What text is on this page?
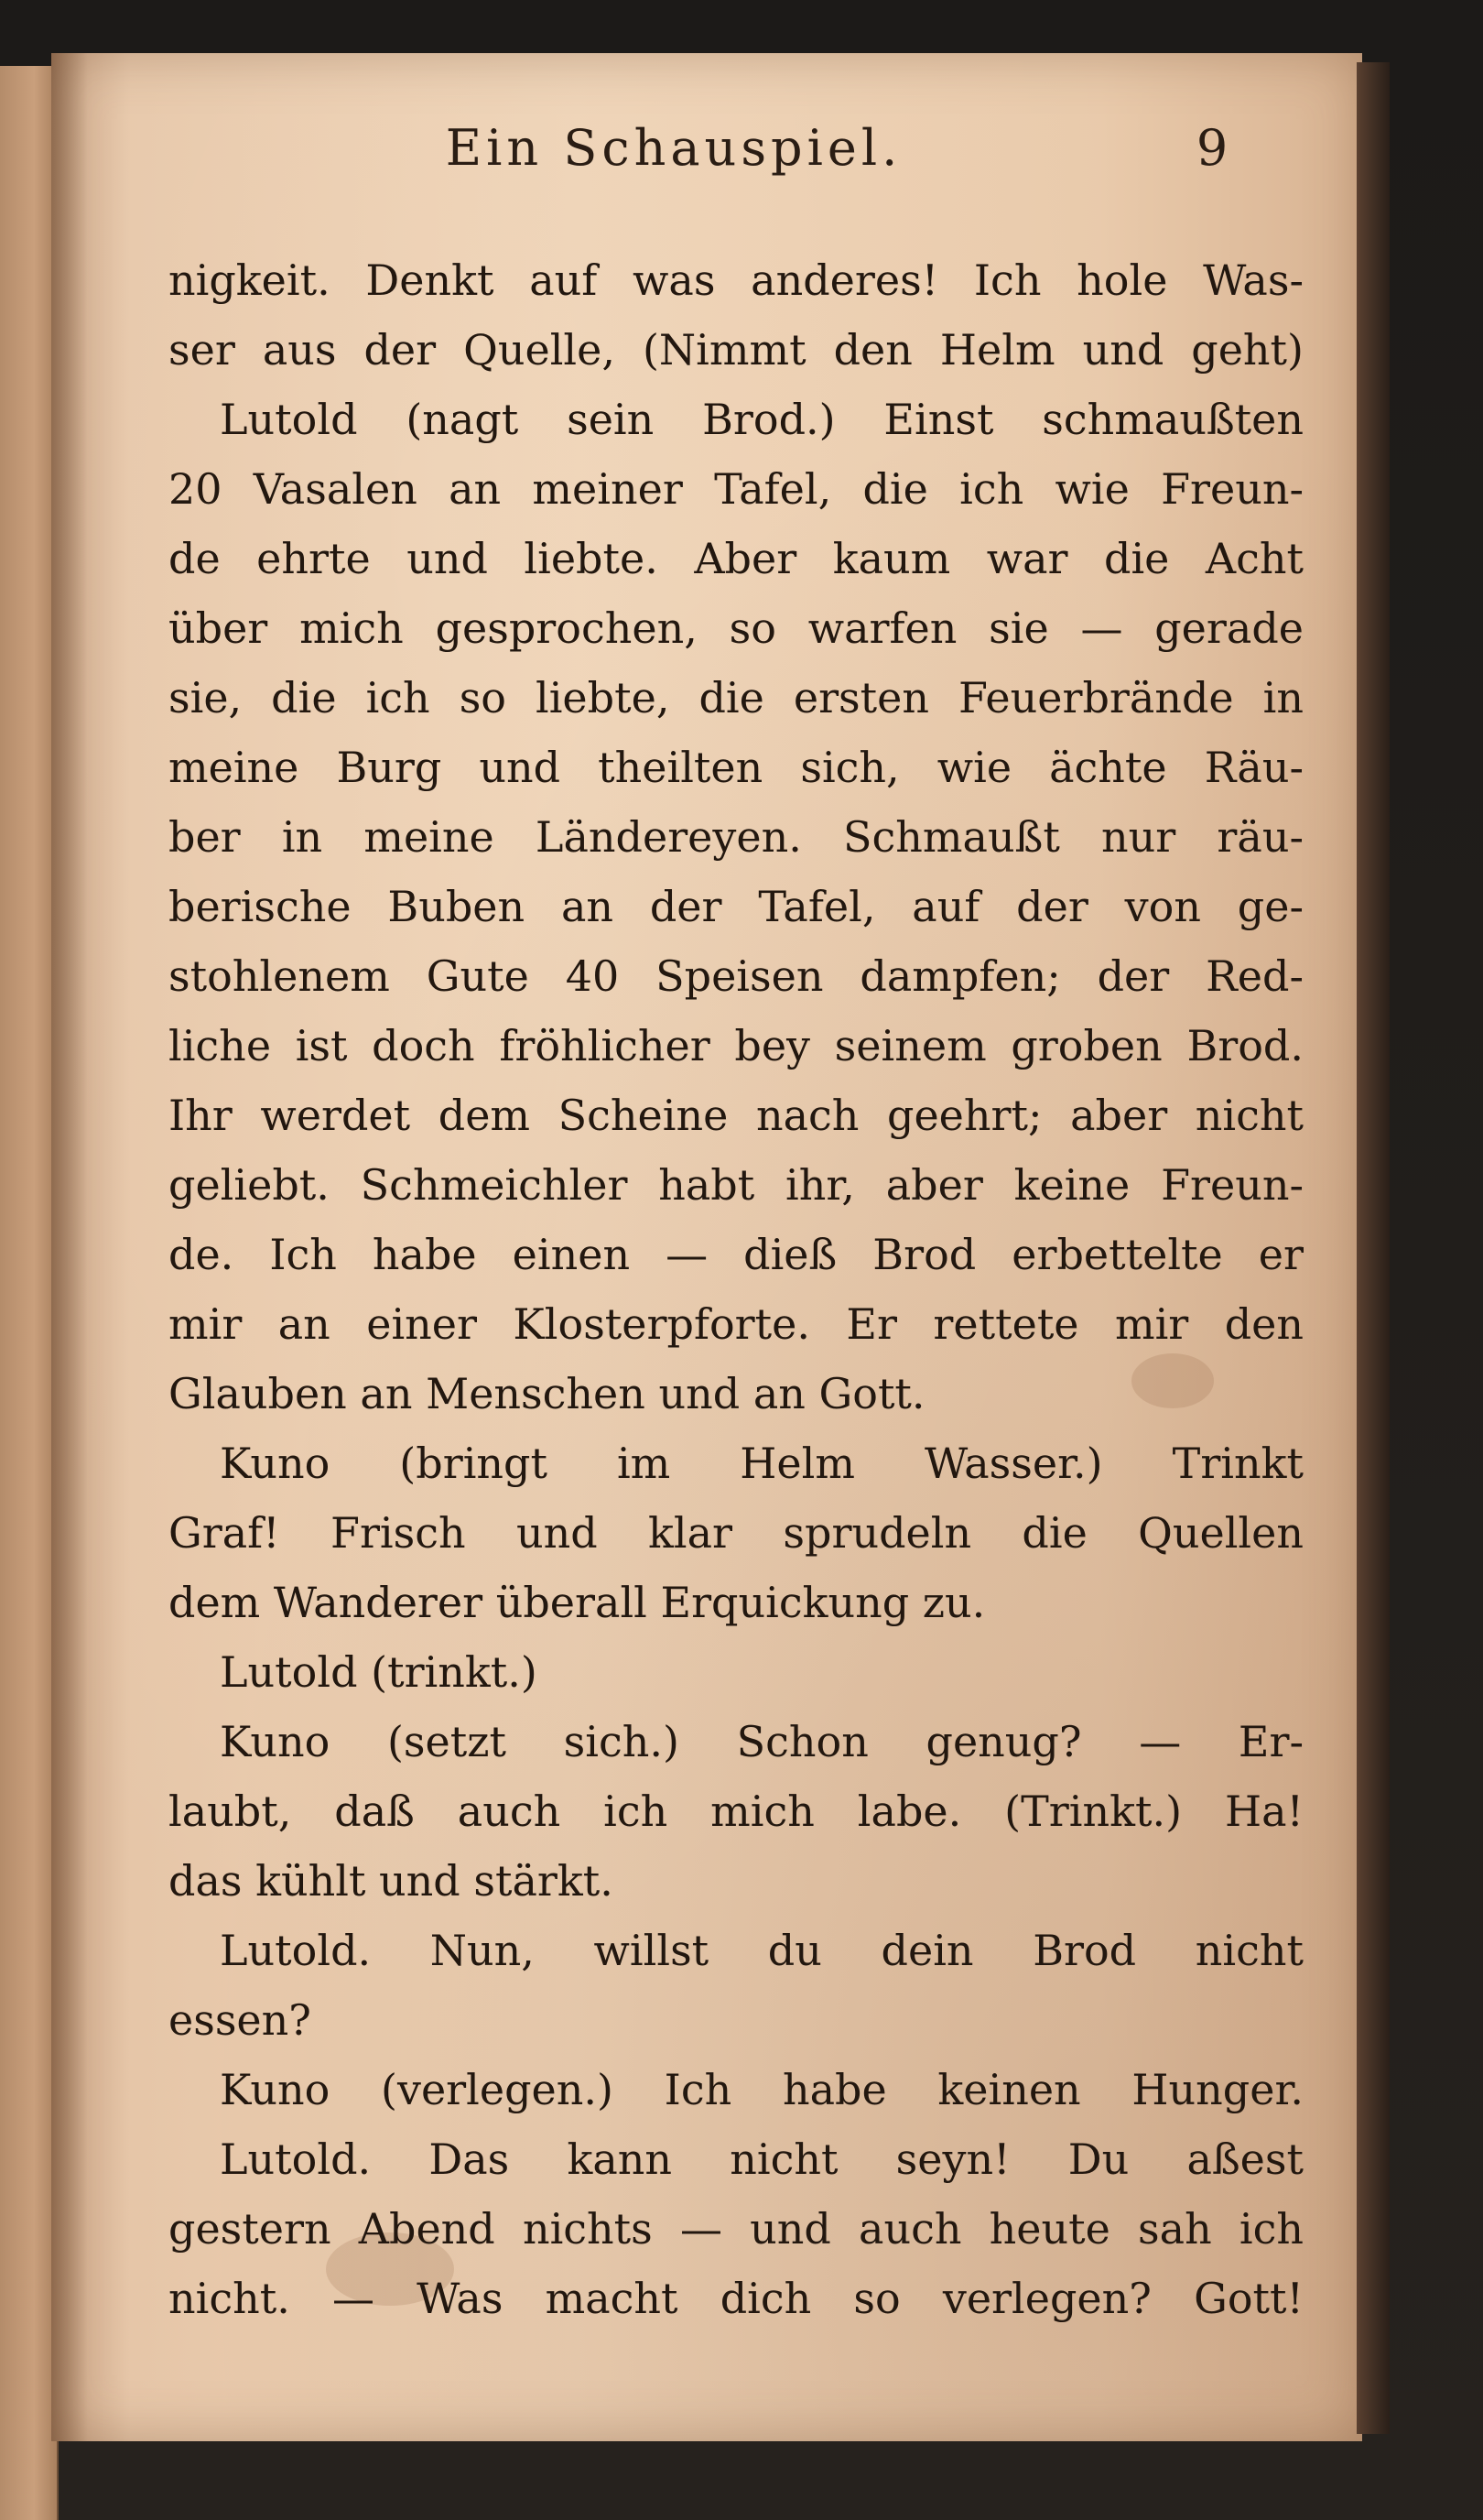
Ein Schauspiel.	9
nigkeit. Denkt auf was anderes! Ich hole Was-
ser aus der Quelle, (Nimmt den Helm und geht)
Lutold (nagt sein Brod.) Einst schmaußten
20 Vasalen an meiner Tafel, die ich wie Freun-
de ehrte und liebte. Aber kaum war die Acht
über mich gesprochen, so warfen sie — gerade
sie, die ich so liebte, die ersten Feuerbrände in
meine Burg und theilten sich, wie ächte Räu-
ber in meine Ländereyen. Schmaußt nur räu-
berische Buben an der Tafel, auf der von ge-
stohlenem Gute 40 Speisen dampfen; der Red-
liche ist doch fröhlicher bey seinem groben Brod.
Ihr werdet dem Scheine nach geehrt; aber nicht
geliebt. Schmeichler habt ihr, aber keine Freun-
de. Ich habe einen — dieß Brod erbettelte er
mir an einer Klosterpforte. Er rettete mir den
Glauben an Menschen und an Gott.
Kuno (bringt im Helm Wasser.) Trinkt
Graf! Frisch und klar sprudeln die Quellen
dem Wanderer überall Erquickung zu.
Lutold (trinkt.)
Kuno (setzt sich.) Schon genug? — Er-
laubt, daß auch ich mich labe. (Trinkt.) Ha!
das kühlt und stärkt.
Lutold. Nun, willst du dein Brod nicht
essen?
Kuno (verlegen.) Ich habe keinen Hunger.
Lutold. Das kann nicht seyn! Du aßest
gestern Abend nichts — und auch heute sah ich
nicht. — Was macht dich so verlegen? Gott!
